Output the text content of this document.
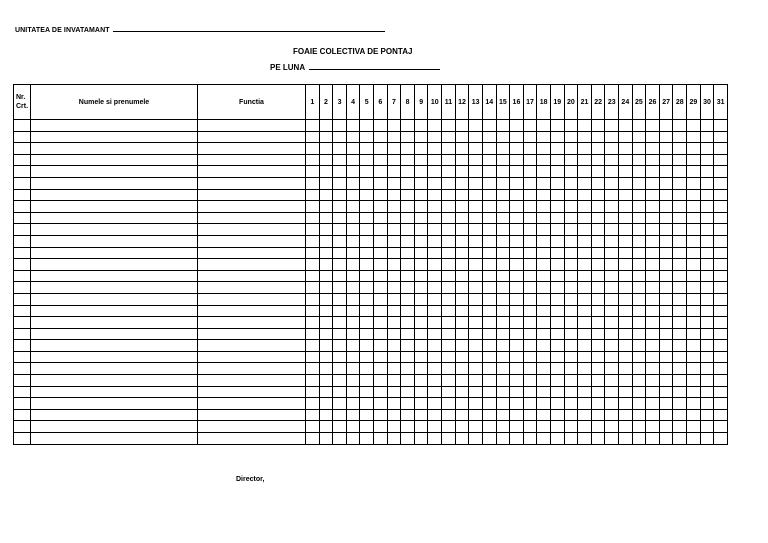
UNITATEA DE INVATAMANT
FOAIE COLECTIVA DE PONTAJ
PE LUNA
Nr.
Crt.	Numele si prenumele	Functia	1	2	3	4	5	6	7	8	9	10	11	12	13	14	15	16	17	18	19	20	21	22	23	24	25	26	27	28	29	30	31

Director,
